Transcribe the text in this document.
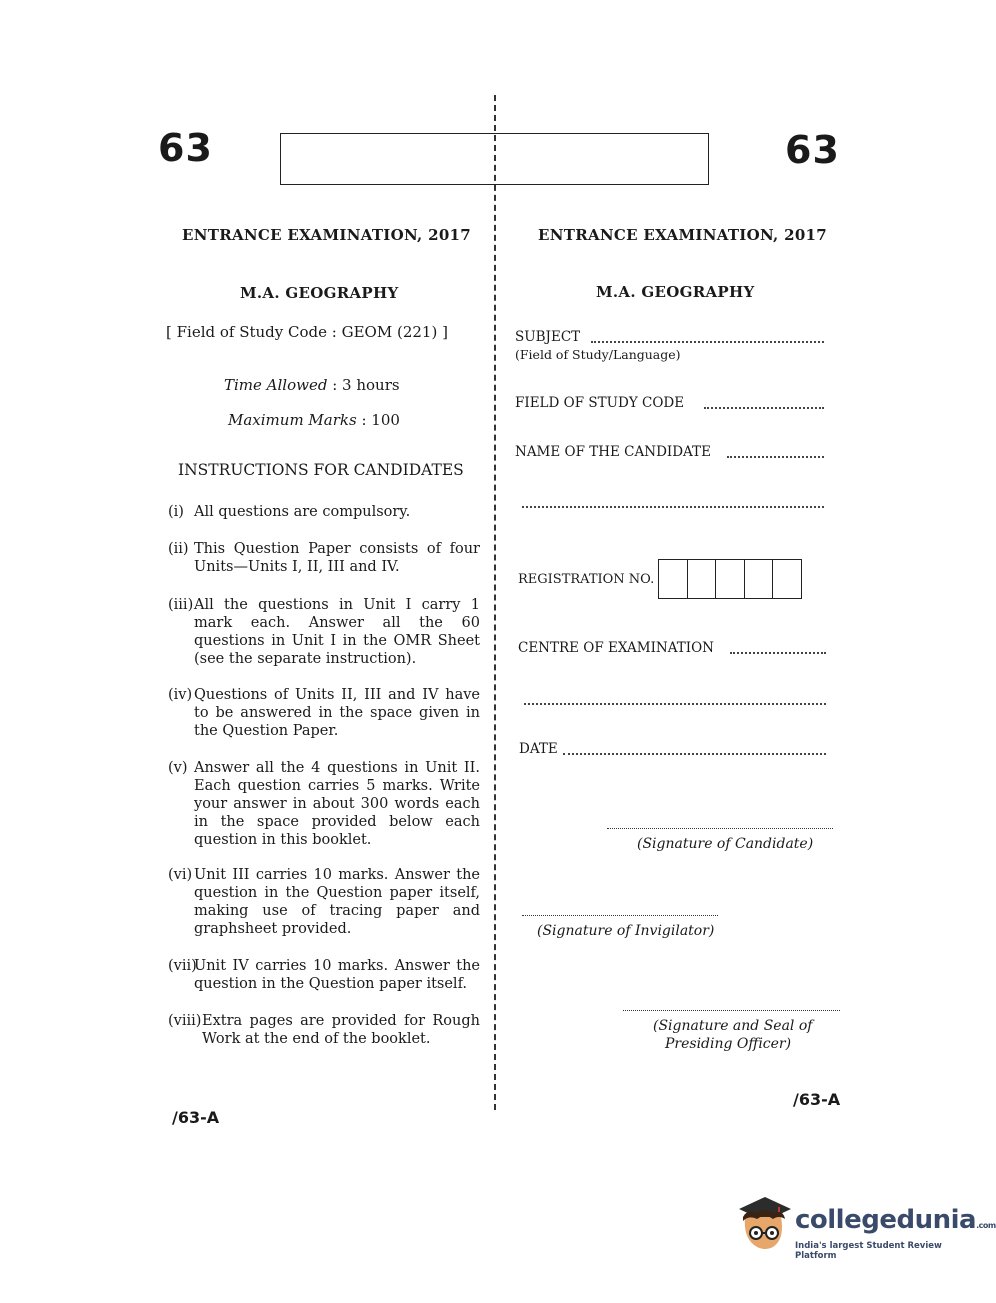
63	63
ENTRANCE EXAMINATION, 2017
M.A. GEOGRAPHY
[ Field of Study Code : GEOM (221) ]
Time Allowed : 3 hours
Maximum Marks : 100
INSTRUCTIONS FOR CANDIDATES
(i) All questions are compulsory.
(ii) This Question Paper consists of four Units—Units I, II, III and IV.
(iii) All the questions in Unit I carry 1 mark each. Answer all the 60 questions in Unit I in the OMR Sheet (see the separate instruction).
(iv) Questions of Units II, III and IV have to be answered in the space given in the Question Paper.
(v) Answer all the 4 questions in Unit II. Each question carries 5 marks. Write your answer in about 300 words each in the space provided below each question in this booklet.
(vi) Unit III carries 10 marks. Answer the question in the Question paper itself, making use of tracing paper and graphsheet provided.
(vii)
Unit IV carries 10 marks. Answer the question in the Question paper itself.
(viii) Extra pages are provided for Rough Work at the end of the booklet.
/63-A
ENTRANCE EXAMINATION, 2017
M.A. GEOGRAPHY
SUBJECT
(Field of Study/Language)
FIELD OF STUDY CODE
NAME OF THE CANDIDATE
REGISTRATION NO.
CENTRE OF EXAMINATION
DATE
(Signature of Candidate)
(Signature of Invigilator)
(Signature and Seal of
Presiding Officer)
/63-A
collegedunia.com
India's largest Student Review Platform
